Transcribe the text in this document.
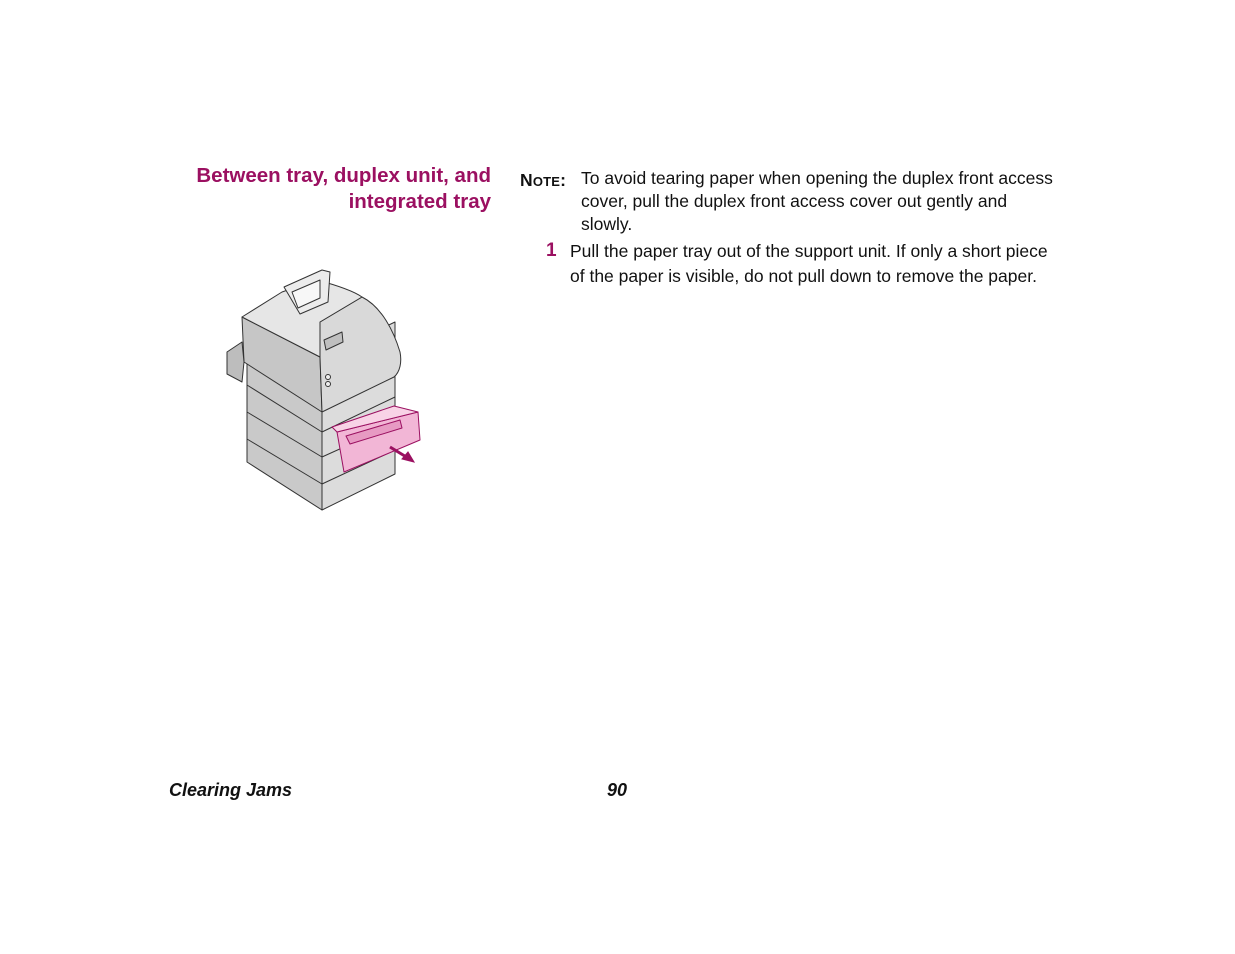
Between tray, duplex unit, and
integrated tray
NOTE: To avoid tearing paper when opening the duplex front access
cover, pull the duplex front access cover out gently and
slowly.
1 Pull the paper tray out of the support unit. If only a short piece
of the paper is visible, do not pull down to remove the paper.
Clearing Jams	90
